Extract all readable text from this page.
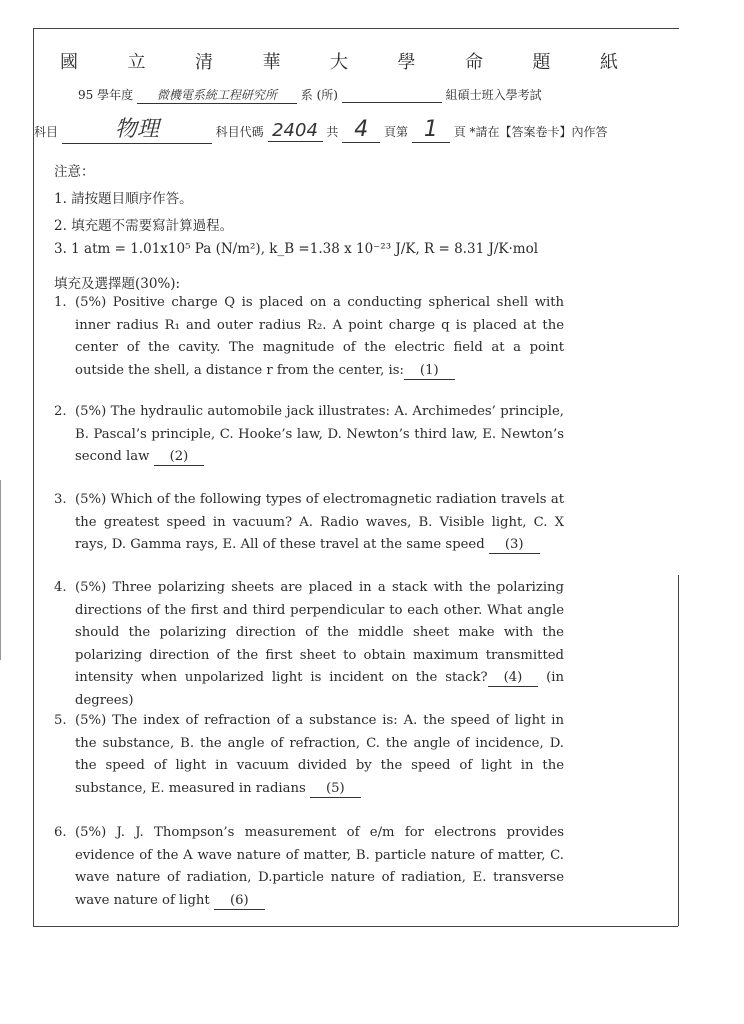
國	立	清	華	大	學	命	題	紙
95 學年度 微機電系統工程研究所 系 (所)	組碩士班入學考試
科目	物理	科目代碼 2404 共 4 頁第 1 頁 *請在【答案卷卡】內作答
注意：
1. 請按題目順序作答。
2. 填充題不需要寫計算過程。
3. 1 atm = 1.01x10⁵ Pa (N/m²), k_B =1.38 x 10⁻²³ J/K, R = 8.31 J/K·mol
填充及選擇題(30%):
1. (5%) Positive charge Q is placed on a conducting spherical shell with inner radius R₁ and outer radius R₂. A point charge q is placed at the center of the cavity. The magnitude of the electric field at a point outside the shell, a distance r from the center, is: (1)
2. (5%) The hydraulic automobile jack illustrates: A. Archimedes’ principle, B. Pascal’s principle, C. Hooke’s law, D. Newton’s third law, E. Newton’s second law (2)
3. (5%) Which of the following types of electromagnetic radiation travels at the greatest speed in vacuum? A. Radio waves, B. Visible light, C. X rays, D. Gamma rays, E. All of these travel at the same speed (3)
4. (5%) Three polarizing sheets are placed in a stack with the polarizing directions of the first and third perpendicular to each other. What angle should the polarizing direction of the middle sheet make with the polarizing direction of the first sheet to obtain maximum transmitted intensity when unpolarized light is incident on the stack? (4) (in degrees)
5. (5%) The index of refraction of a substance is: A. the speed of light in the substance, B. the angle of refraction, C. the angle of incidence, D. the speed of light in vacuum divided by the speed of light in the substance, E. measured in radians (5)
6. (5%) J. J. Thompson’s measurement of e/m for electrons provides evidence of the A wave nature of matter, B. particle nature of matter, C. wave nature of radiation, D.particle nature of radiation, E. transverse wave nature of light (6)
